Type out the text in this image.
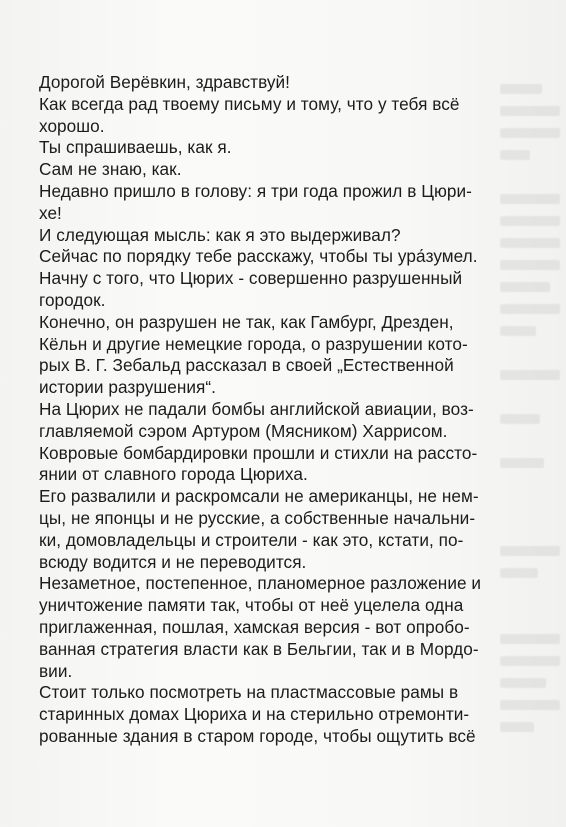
Дорогой Верёвкин, здравствуй!

Как всегда рад твоему письму и тому, что у тебя всё
хорошо.

Ты спрашиваешь, как я.

Сам не знаю, как.

Недавно пришло в голову: я три года прожил в Цюри-
хе!

И следующая мысль: как я это выдерживал?

Сейчас по порядку тебе расскажу, чтобы ты ура́зумел.

Начну с того, что Цюрих - совершенно разрушенный
городок.

Конечно, он разрушен не так, как Гамбург, Дрезден,
Кёльн и другие немецкие города, о разрушении кото-
рых В. Г. Зебальд рассказал в своей „Естественной
истории разрушения“.

На Цюрих не падали бомбы английской авиации, воз-
главляемой сэром Артуром (Мясником) Харрисом.

Ковровые бомбардировки прошли и стихли на рассто-
янии от славного города Цюриха.

Его развалили и раскромсали не американцы, не нем-
цы, не японцы и не русские, а собственные начальни-
ки, домовладельцы и строители - как это, кстати, по-
всюду водится и не переводится.

Незаметное, постепенное, планомерное разложение и
уничтожение памяти так, чтобы от неё уцелела одна
приглаженная, пошлая, хамская версия - вот опробо-
ванная стратегия власти как в Бельгии, так и в Мордо-
вии.

Стоит только посмотреть на пластмассовые рамы в
старинных домах Цюриха и на стерильно отремонти-
рованные здания в старом городе, чтобы ощутить всё
